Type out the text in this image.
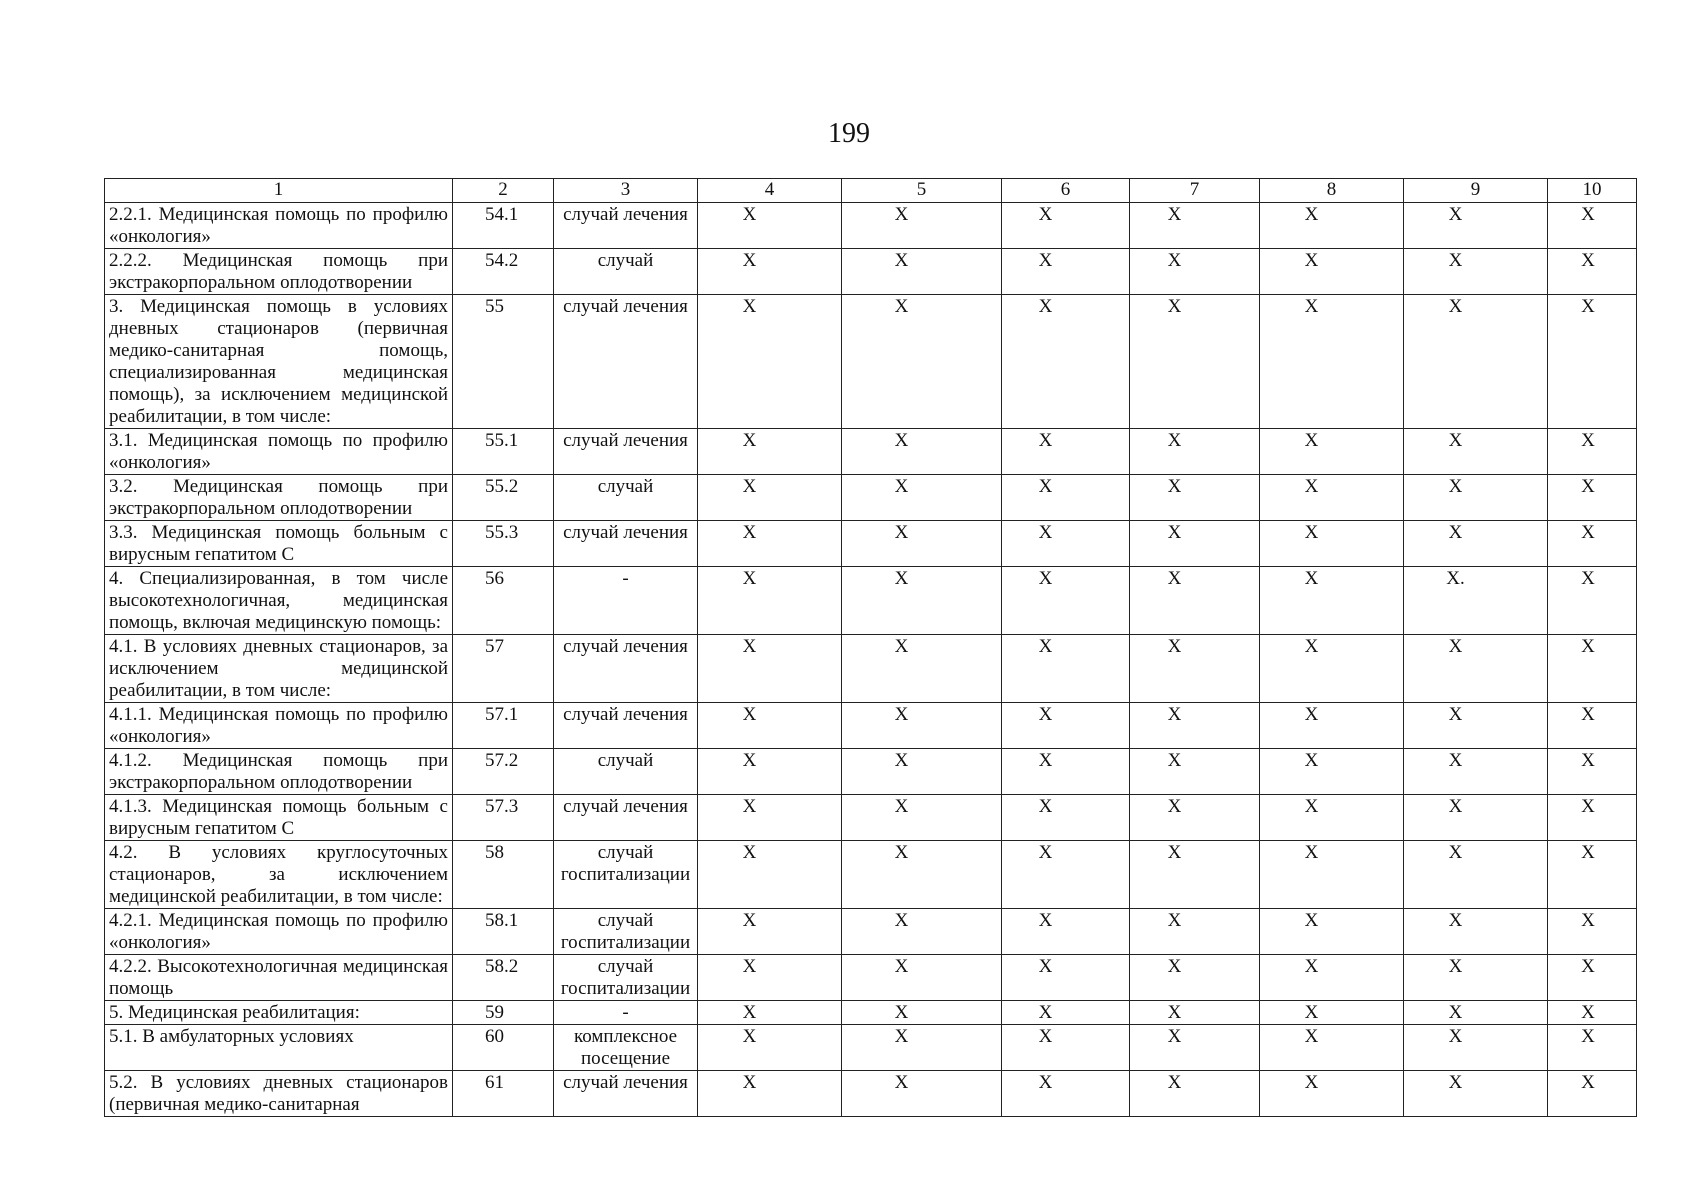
199
1	2	3	4	5	6	7	8	9	10
2.2.1. Медицинская помощь по профилю «онкология»	54.1	случай лечения	X	X	X	X	X	X	X
2.2.2. Медицинская помощь при экстракорпоральном оплодотворении	54.2	случай	X	X	X	X	X	X	X
3. Медицинская помощь в условиях дневных стационаров (первичная медико-санитарная помощь, специализированная медицинская помощь), за исключением медицинской реабилитации, в том числе:	55	случай лечения	X	X	X	X	X	X	X
3.1. Медицинская помощь по профилю «онкология»	55.1	случай лечения	X	X	X	X	X	X	X
3.2. Медицинская помощь при экстракорпоральном оплодотворении	55.2	случай	X	X	X	X	X	X	X
3.3. Медицинская помощь больным с вирусным гепатитом С	55.3	случай лечения	X	X	X	X	X	X	X
4. Специализированная, в том числе высокотехнологичная, медицинская помощь, включая медицинскую помощь:	56	-	X	X	X	X	X	X.	X
4.1. В условиях дневных стационаров, за исключением медицинской реабилитации, в том числе:	57	случай лечения	X	X	X	X	X	X	X
4.1.1. Медицинская помощь по профилю «онкология»	57.1	случай лечения	X	X	X	X	X	X	X
4.1.2. Медицинская помощь при экстракорпоральном оплодотворении	57.2	случай	X	X	X	X	X	X	X
4.1.3. Медицинская помощь больным с вирусным гепатитом С	57.3	случай лечения	X	X	X	X	X	X	X
4.2. В условиях круглосуточных стационаров, за исключением медицинской реабилитации, в том числе:	58	случай госпитализации	X	X	X	X	X	X	X
4.2.1. Медицинская помощь по профилю «онкология»	58.1	случай госпитализации	X	X	X	X	X	X	X
4.2.2. Высокотехнологичная медицинская помощь	58.2	случай госпитализации	X	X	X	X	X	X	X
5. Медицинская реабилитация:	59	-	X	X	X	X	X	X	X
5.1. В амбулаторных условиях	60	комплексное посещение	X	X	X	X	X	X	X
5.2. В условиях дневных стационаров (первичная медико-санитарная	61	случай лечения	X	X	X	X	X	X	X
